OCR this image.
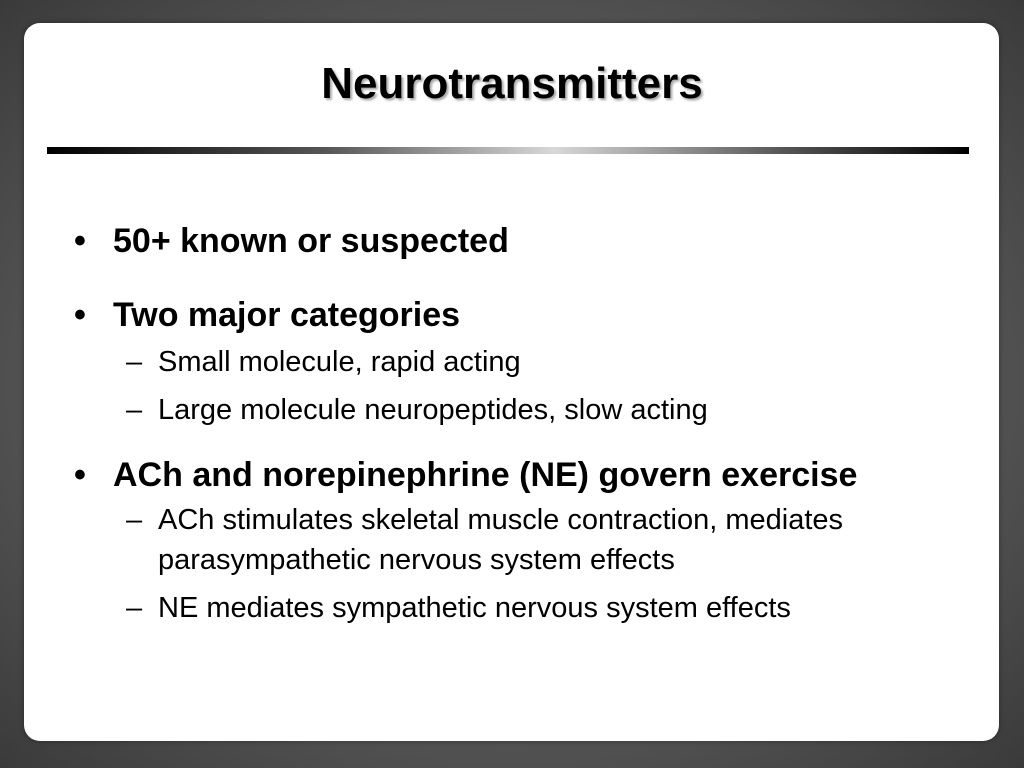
Neurotransmitters
• 50+ known or suspected
• Two major categories
– Small molecule, rapid acting
– Large molecule neuropeptides, slow acting
• ACh and norepinephrine (NE) govern exercise
– ACh stimulates skeletal muscle contraction, mediates parasympathetic nervous system effects
– NE mediates sympathetic nervous system effects
